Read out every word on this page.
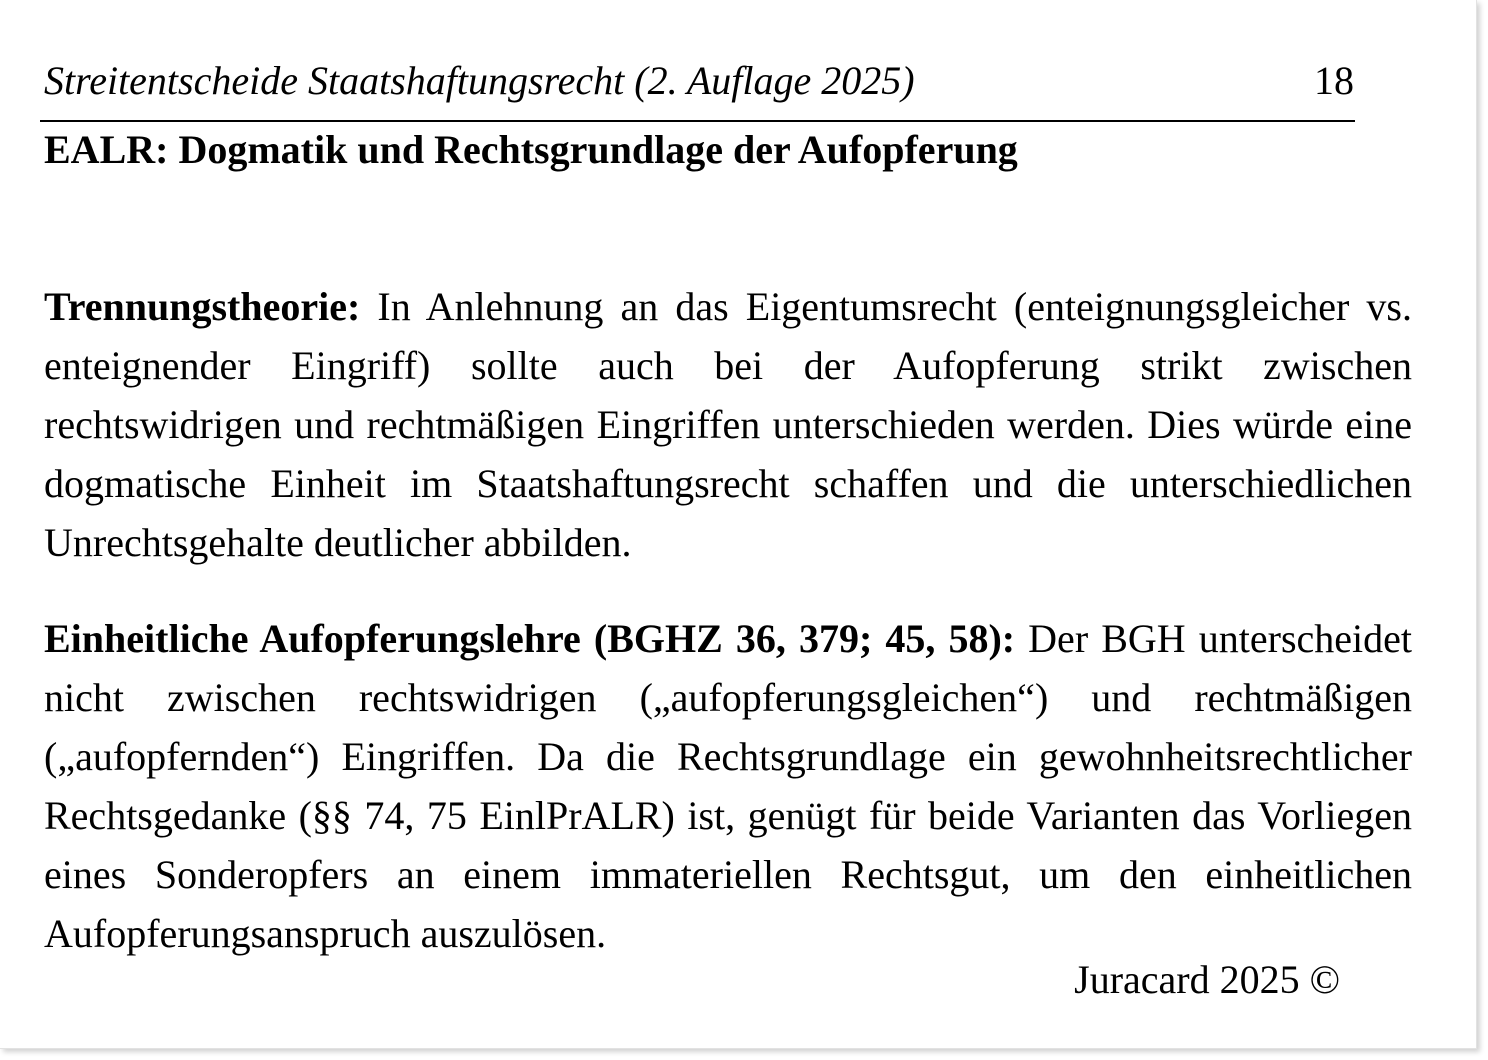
Streitentscheide Staatshaftungsrecht (2. Auflage 2025)	18
EALR: Dogmatik und Rechtsgrundlage der Aufopferung

Trennungstheorie: In Anlehnung an das Eigentumsrecht (enteignungsgleicher vs. enteignender Eingriff) sollte auch bei der Aufopferung strikt zwischen rechtswidrigen und rechtmäßigen Eingriffen unterschieden werden. Dies würde eine dogmatische Einheit im Staatshaftungsrecht schaffen und die unterschiedlichen Unrechtsgehalte deutlicher abbilden.

Einheitliche Aufopferungslehre (BGHZ 36, 379; 45, 58): Der BGH unterscheidet nicht zwischen rechtswidrigen („aufopferungsgleichen“) und rechtmäßigen („aufopfernden“) Eingriffen. Da die Rechtsgrundlage ein gewohnheitsrechtlicher Rechtsgedanke (§§ 74, 75 EinlPrALR) ist, genügt für beide Varianten das Vorliegen eines Sonderopfers an einem immateriellen Rechtsgut, um den einheitlichen Aufopferungsanspruch auszulösen.

Juracard 2025 ©
